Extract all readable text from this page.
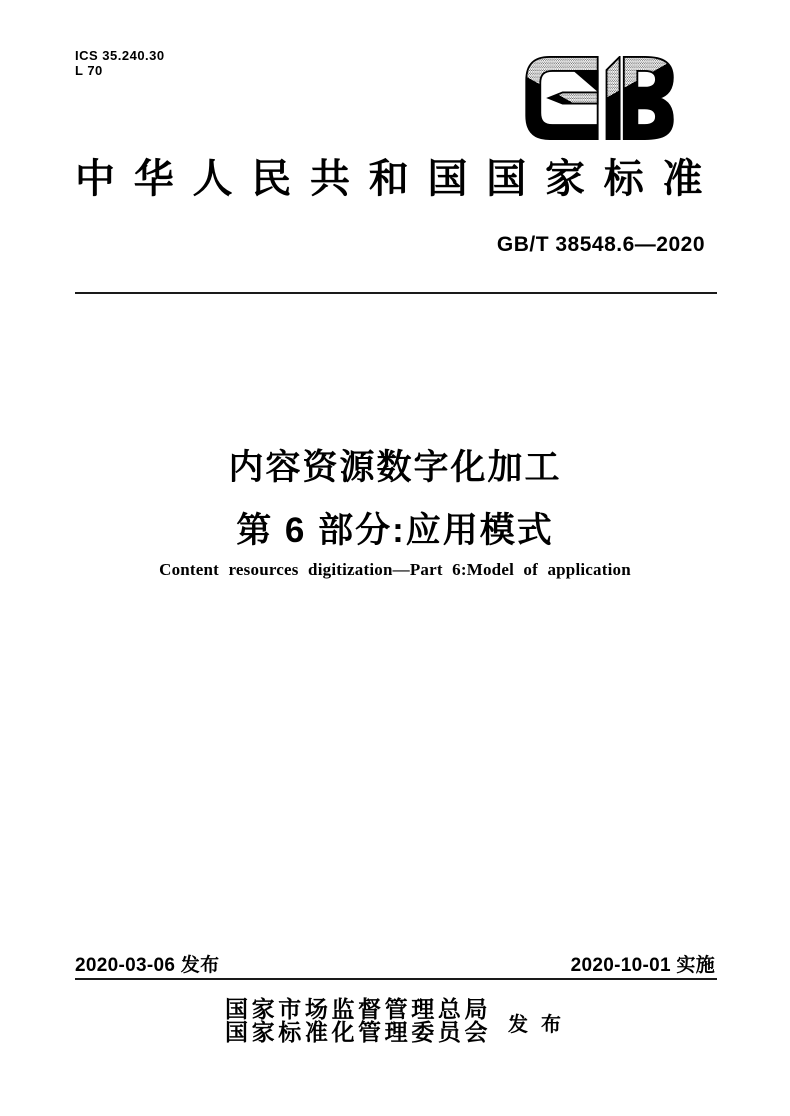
ICS 35.240.30
L 70
中华人民共和国国家标准
GB/T 38548.6—2020
内容资源数字化加工
第 6 部分:应用模式
Content resources digitization—Part 6:Model of application
2020-03-06 发布	2020-10-01 实施
国家市场监督管理总局
国家标准化管理委员会 发 布
